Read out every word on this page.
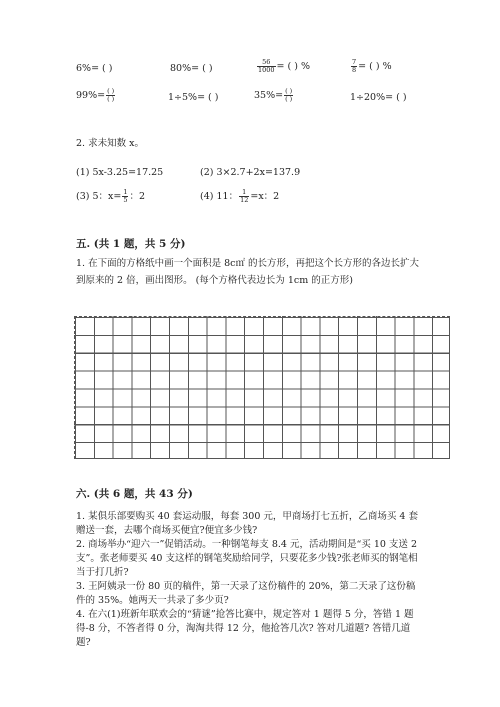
6%= ( )	80%= ( )	$\frac{56}{1000}$ = ( ) %	$\frac{7}{8}$ = ( ) %
$99\%= \frac{( )}{( )}$	1÷5%= ( )	$35\%= \frac{( )}{( )}$	1÷20%= ( )
2. 求未知数 x。
(1) 5x-3.25=17.25	(2) 3×2.7+2x=137.9
(3) 5：$x= \frac{1}{5}$ ：2	(4) 11： $\frac{1}{12} =x$：2
五. (共 1 题，共 5 分)
1. 在下面的方格纸中画一个面积是 8c㎡ 的长方形，再把这个长方形的各边长扩大到原来的 2 倍，画出图形。 (每个方格代表边长为 1cm 的正方形)
六. (共 6 题，共 43 分)

1. 某俱乐部要购买 40 套运动服，每套 300 元，甲商场打七五折，乙商场买 4 套赠送一套，去哪个商场买便宜?便宜多少钱?

2. 商场举办“迎六一”促销活动。一种钢笔每支 8.4 元，活动期间是“买 10 支送 2 支”。张老师要买 40 支这样的钢笔奖励给同学，只要花多少钱?张老师买的钢笔相当于打几折?

3. 王阿姨录一份 80 页的稿件，第一天录了这份稿件的 20%，第二天录了这份稿件的 35%。她两天一共录了多少页?

4. 在六(1)班新年联欢会的“猜谜”抢答比赛中，规定答对 1 题得 5 分，答错 1 题得-8 分，不答者得 0 分，淘淘共得 12 分，他抢答几次? 答对几道题? 答错几道题?
